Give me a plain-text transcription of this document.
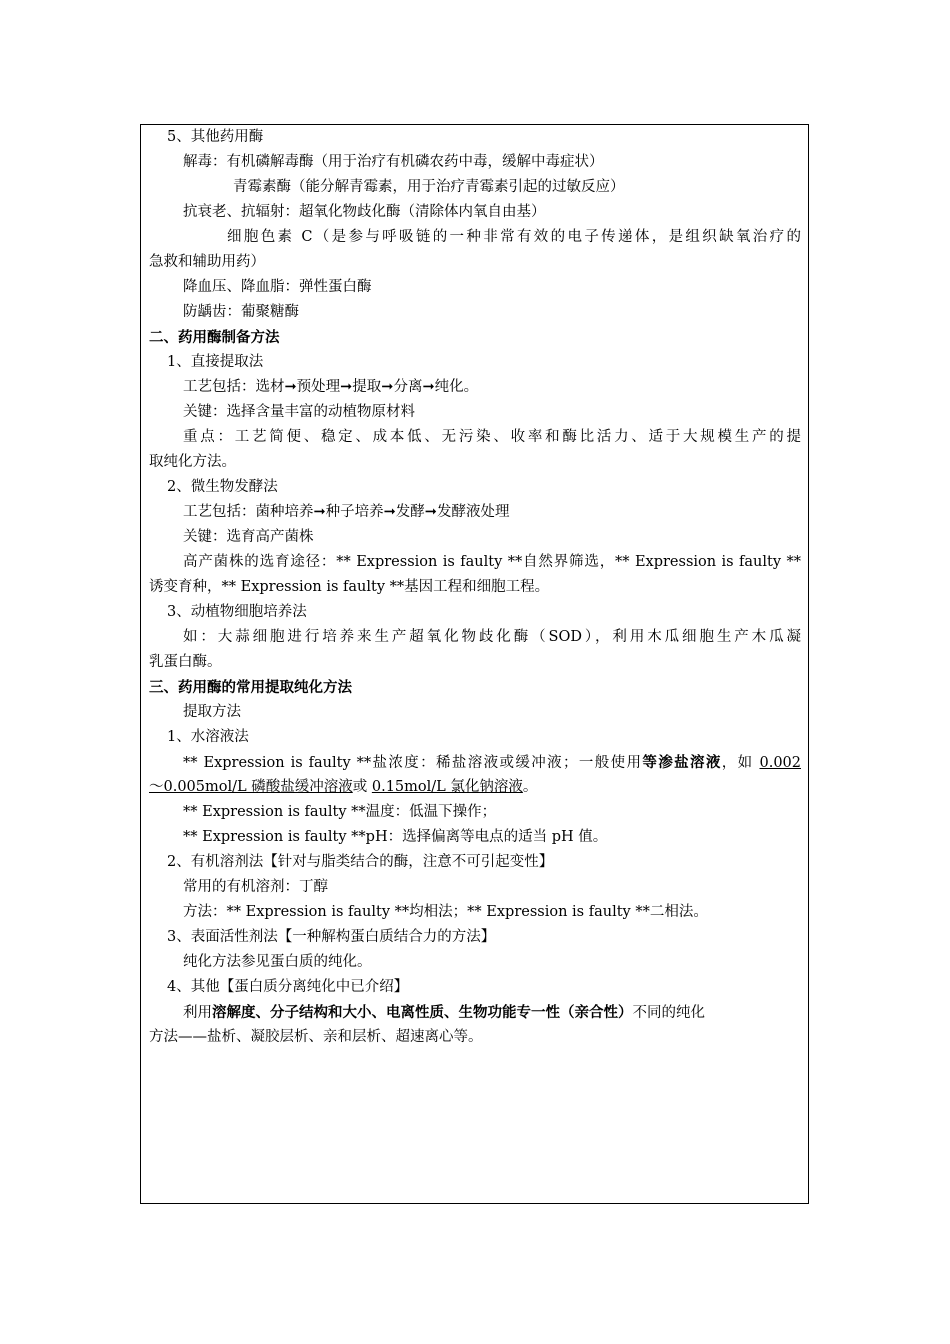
5、其他药用酶
解毒：有机磷解毒酶（用于治疗有机磷农药中毒，缓解中毒症状）
青霉素酶（能分解青霉素，用于治疗青霉素引起的过敏反应）
抗衰老、抗辐射：超氧化物歧化酶（清除体内氧自由基）
细胞色素 C（是参与呼吸链的一种非常有效的电子传递体，是组织缺氧治疗的
急救和辅助用药）
降血压、降血脂：弹性蛋白酶
防龋齿：葡聚糖酶
二、药用酶制备方法
1、直接提取法
工艺包括：选材➞预处理➞提取➞分离➞纯化。
关键：选择含量丰富的动植物原材料
重点：工艺简便、稳定、成本低、无污染、收率和酶比活力、适于大规模生产的提
取纯化方法。
2、微生物发酵法
工艺包括：菌种培养➞种子培养➞发酵➞发酵液处理
关键：选育高产菌株
高产菌株的选育途径：** Expression is faulty **自然界筛选，** Expression is faulty **
诱变育种，** Expression is faulty **基因工程和细胞工程。
3、动植物细胞培养法
如：大蒜细胞进行培养来生产超氧化物歧化酶（SOD），利用木瓜细胞生产木瓜凝
乳蛋白酶。
三、药用酶的常用提取纯化方法
提取方法
1、水溶液法
** Expression is faulty **盐浓度：稀盐溶液或缓冲液；一般使用等渗盐溶液，如 0.002
～0.005mol/L 磷酸盐缓冲溶液或 0.15mol/L 氯化钠溶液。
** Expression is faulty **温度：低温下操作；
** Expression is faulty **pH：选择偏离等电点的适当 pH 值。
2、有机溶剂法【针对与脂类结合的酶，注意不可引起变性】
常用的有机溶剂：丁醇
方法：** Expression is faulty **均相法；** Expression is faulty **二相法。
3、表面活性剂法【一种解构蛋白质结合力的方法】
纯化方法参见蛋白质的纯化。
4、其他【蛋白质分离纯化中已介绍】
利用溶解度、分子结构和大小、电离性质、生物功能专一性（亲合性）不同的纯化
方法——盐析、凝胶层析、亲和层析、超速离心等。
